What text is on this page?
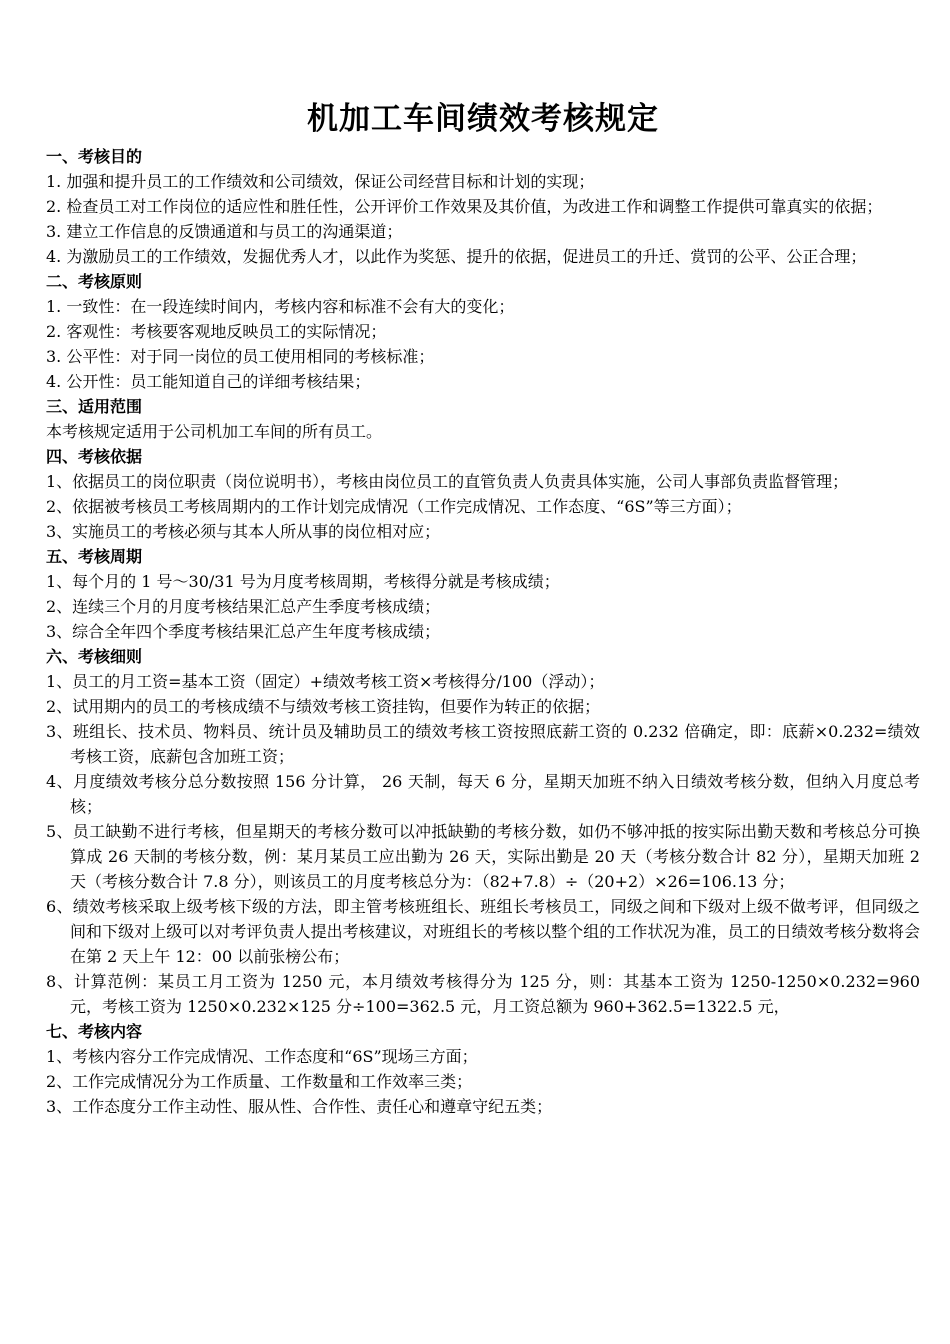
机加工车间绩效考核规定

一、考核目的

1. 加强和提升员工的工作绩效和公司绩效，保证公司经营目标和计划的实现；

2. 检查员工对工作岗位的适应性和胜任性，公开评价工作效果及其价值，为改进工作和调整工作提供可靠真实的依据；

3. 建立工作信息的反馈通道和与员工的沟通渠道；

4. 为激励员工的工作绩效，发掘优秀人才，以此作为奖惩、提升的依据，促进员工的升迁、赏罚的公平、公正合理；

二、考核原则

1. 一致性：在一段连续时间内，考核内容和标准不会有大的变化；

2. 客观性：考核要客观地反映员工的实际情况；

3. 公平性：对于同一岗位的员工使用相同的考核标准；

4. 公开性：员工能知道自己的详细考核结果；

三、适用范围

本考核规定适用于公司机加工车间的所有员工。

四、考核依据

1、依据员工的岗位职责（岗位说明书），考核由岗位员工的直管负责人负责具体实施，公司人事部负责监督管理；

2、依据被考核员工考核周期内的工作计划完成情况（工作完成情况、工作态度、“6S”等三方面）；

3、实施员工的考核必须与其本人所从事的岗位相对应；

五、考核周期

1、每个月的 1 号～30/31 号为月度考核周期，考核得分就是考核成绩；

2、连续三个月的月度考核结果汇总产生季度考核成绩；

3、综合全年四个季度考核结果汇总产生年度考核成绩；

六、考核细则

1、员工的月工资=基本工资（固定）+绩效考核工资×考核得分/100（浮动）；

2、试用期内的员工的考核成绩不与绩效考核工资挂钩，但要作为转正的依据；

3、班组长、技术员、物料员、统计员及辅助员工的绩效考核工资按照底薪工资的 0.232 倍确定，即：底薪×0.232=绩效考核工资，底薪包含加班工资；

4、月度绩效考核分总分数按照 156 分计算， 26 天制，每天 6 分，星期天加班不纳入日绩效考核分数，但纳入月度总考核；

5、员工缺勤不进行考核，但星期天的考核分数可以冲抵缺勤的考核分数，如仍不够冲抵的按实际出勤天数和考核总分可换算成 26 天制的考核分数，例：某月某员工应出勤为 26 天，实际出勤是 20 天（考核分数合计 82 分），星期天加班 2 天（考核分数合计 7.8 分），则该员工的月度考核总分为：（82+7.8）÷（20+2）×26=106.13 分；

6、绩效考核采取上级考核下级的方法，即主管考核班组长、班组长考核员工，同级之间和下级对上级不做考评，但同级之间和下级对上级可以对考评负责人提出考核建议，对班组长的考核以整个组的工作状况为准，员工的日绩效考核分数将会在第 2 天上午 12：00 以前张榜公布；

8、计算范例：某员工月工资为 1250 元，本月绩效考核得分为 125 分，则：其基本工资为 1250-1250×0.232=960 元，考核工资为 1250×0.232×125 分÷100=362.5 元，月工资总额为 960+362.5=1322.5 元，

七、考核内容

1、考核内容分工作完成情况、工作态度和“6S”现场三方面；

2、工作完成情况分为工作质量、工作数量和工作效率三类；

3、工作态度分工作主动性、服从性、合作性、责任心和遵章守纪五类；
